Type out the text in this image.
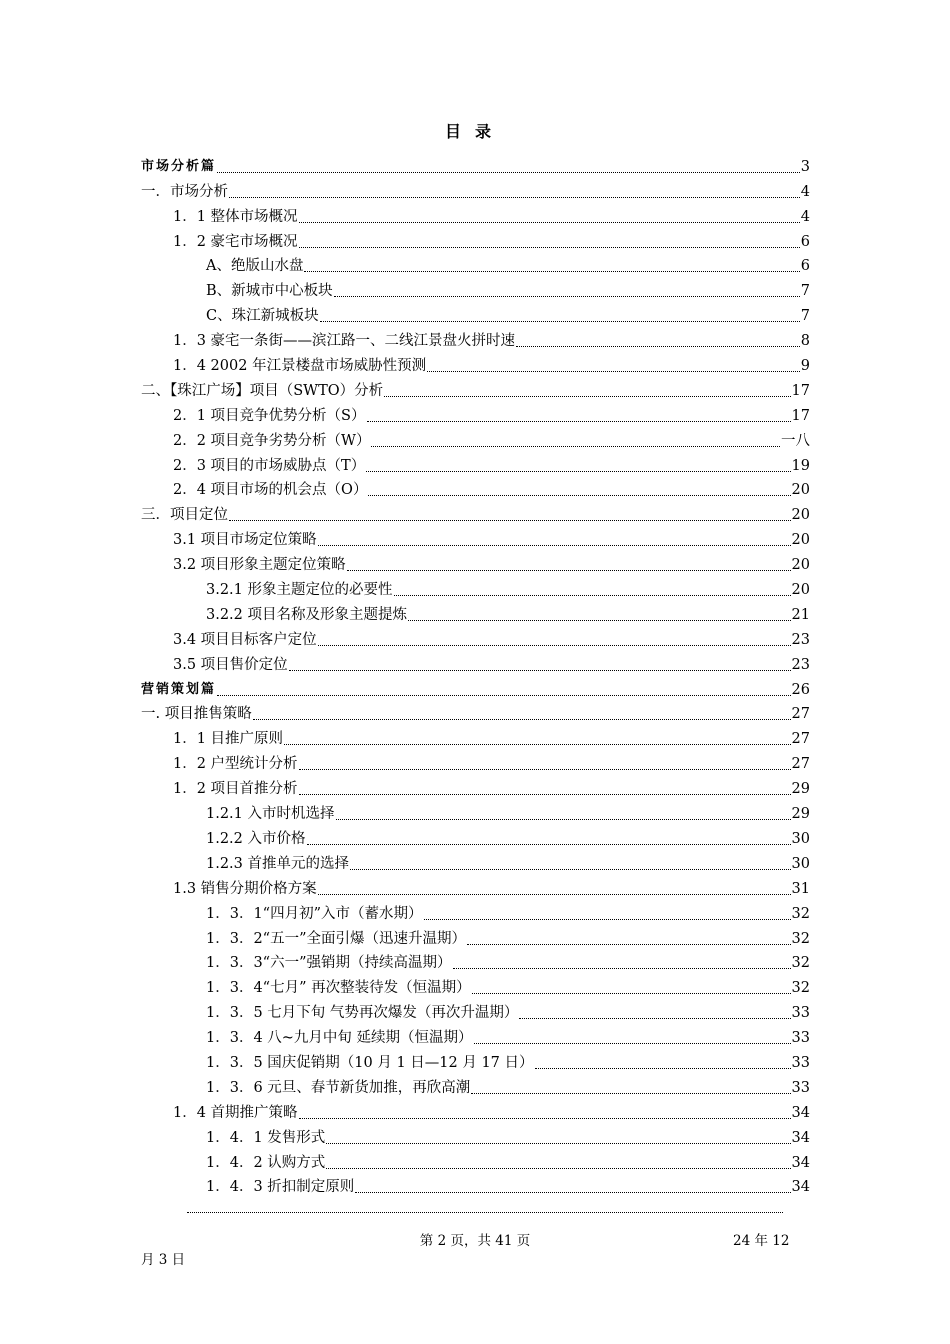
目录
市场分析篇	3
一．市场分析	4
1．1 整体市场概况	4
1．2 豪宅市场概况	6
A、绝版山水盘	6
B、新城市中心板块	7
C、珠江新城板块	7
1．3 豪宅一条街——滨江路一、二线江景盘火拼时速	8
1．4 2002 年江景楼盘市场威胁性预测	9
二、【珠江广场】项目（SWTO）分析	17
2．1 项目竞争优势分析（S）	17
2．2 项目竞争劣势分析（W）	一八
2．3 项目的市场威胁点（T）	19
2．4 项目市场的机会点（O）	20
三．项目定位	20
3.1 项目市场定位策略	20
3.2 项目形象主题定位策略	20
3.2.1 形象主题定位的必要性	20
3.2.2 项目名称及形象主题提炼	21
3.4 项目目标客户定位	23
3.5 项目售价定位	23
营销策划篇	26
一. 项目推售策略	27
1．1 目推广原则	27
1．2 户型统计分析	27
1．2 项目首推分析	29
1.2.1 入市时机选择	29
1.2.2 入市价格	30
1.2.3 首推单元的选择	30
1.3 销售分期价格方案	31
1．3．1“四月初”入市（蓄水期）	32
1．3．2“五一”全面引爆（迅速升温期）	32
1．3．3“六一”强销期（持续高温期）	32
1．3．4“七月” 再次整装待发（恒温期）	32
1．3．5 七月下旬 气势再次爆发（再次升温期）	33
1．3．4 八~九月中旬 延续期（恒温期）	33
1．3．5 国庆促销期（10 月 1 日—12 月 17 日）	33
1．3．6 元旦、春节新货加推，再欣高潮	33
1．4 首期推广策略	34
1．4．1 发售形式	34
1．4．2 认购方式	34
1．4．3 折扣制定原则	34
第 2 页，共 41 页	24 年 12
月 3 日
